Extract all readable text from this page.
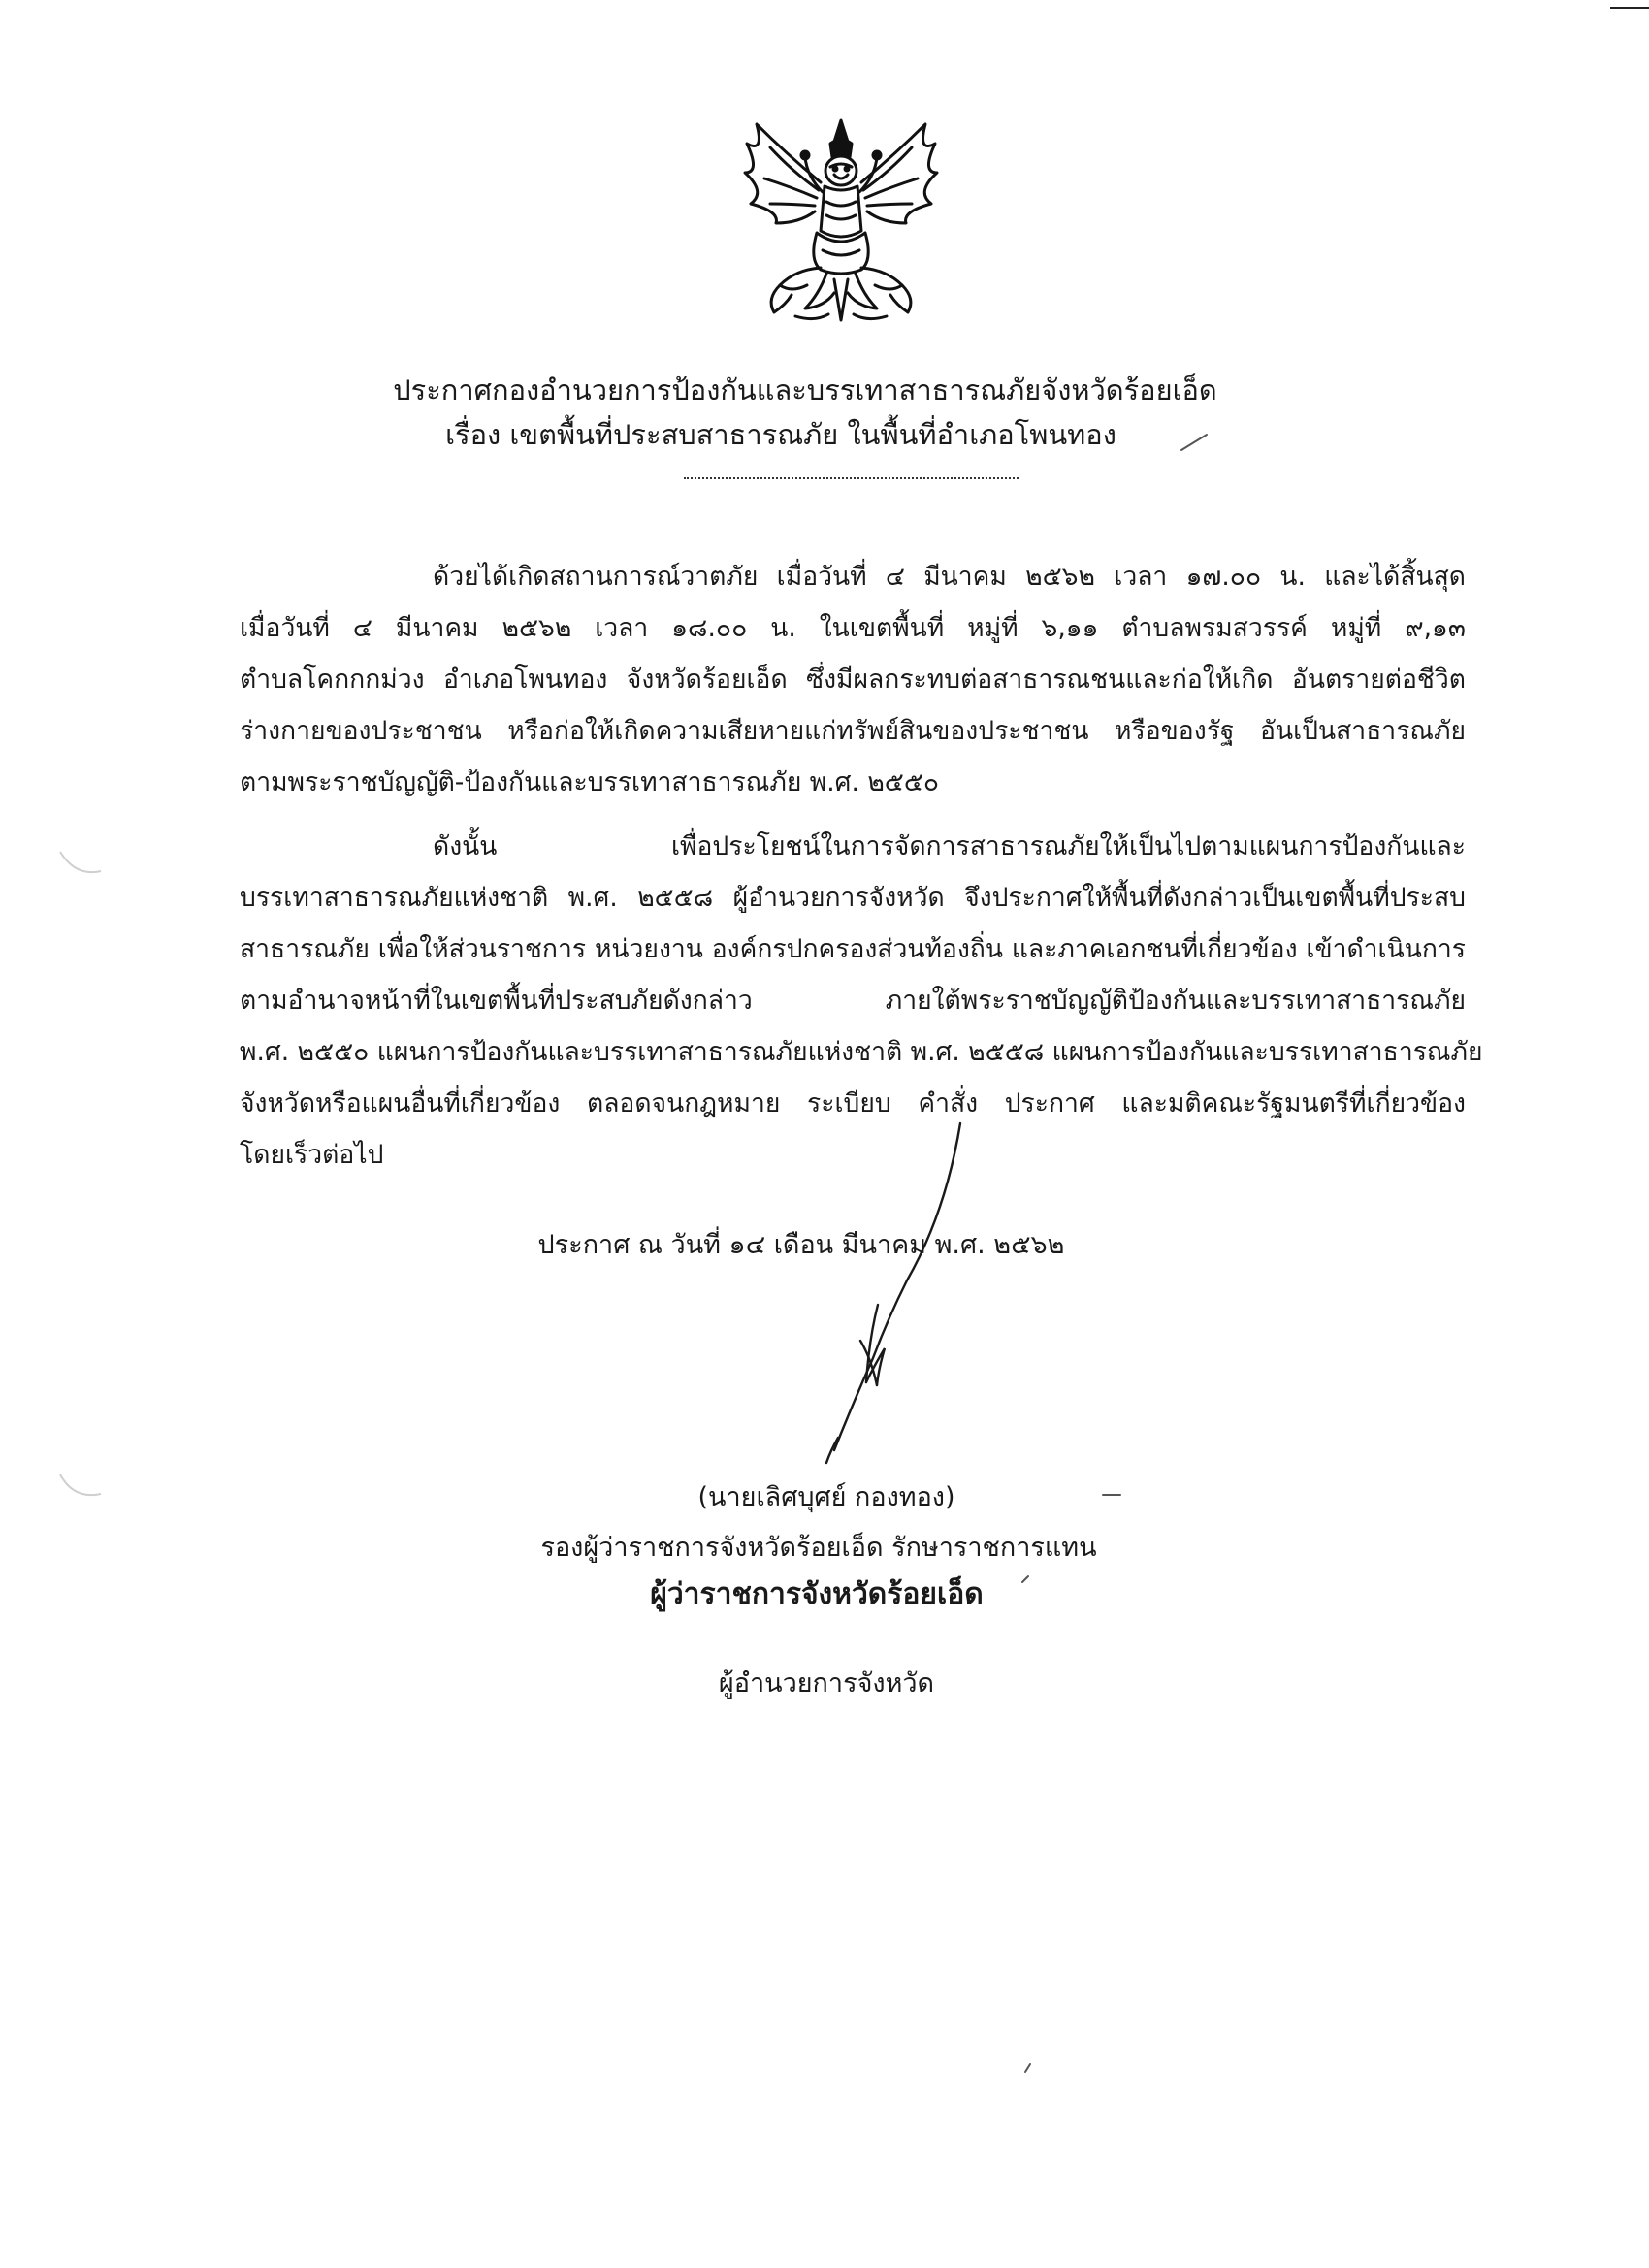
ประกาศกองอำนวยการป้องกันและบรรเทาสาธารณภัยจังหวัดร้อยเอ็ด
เรื่อง เขตพื้นที่ประสบสาธารณภัย ในพื้นที่อำเภอโพนทอง
ด้วยได้เกิดสถานการณ์วาตภัย เมื่อวันที่ ๔ มีนาคม ๒๕๖๒ เวลา ๑๗.๐๐ น. และได้สิ้นสุด
เมื่อวันที่ ๔ มีนาคม ๒๕๖๒ เวลา ๑๘.๐๐ น. ในเขตพื้นที่ หมู่ที่ ๖,๑๑ ตำบลพรมสวรรค์ หมู่ที่ ๙,๑๓
ตำบลโคกกกม่วง อำเภอโพนทอง จังหวัดร้อยเอ็ด ซึ่งมีผลกระทบต่อสาธารณชนและก่อให้เกิด อันตรายต่อชีวิต
ร่างกายของประชาชน หรือก่อให้เกิดความเสียหายแก่ทรัพย์สินของประชาชน หรือของรัฐ อันเป็นสาธารณภัย
ตามพระราชบัญญัติ-ป้องกันและบรรเทาสาธารณภัย พ.ศ. ๒๕๕๐
ดังนั้น เพื่อประโยชน์ในการจัดการสาธารณภัยให้เป็นไปตามแผนการป้องกันและ
บรรเทาสาธารณภัยแห่งชาติ พ.ศ. ๒๕๕๘ ผู้อำนวยการจังหวัด จึงประกาศให้พื้นที่ดังกล่าวเป็นเขตพื้นที่ประสบ
สาธารณภัย เพื่อให้ส่วนราชการ หน่วยงาน องค์กรปกครองส่วนท้องถิ่น และภาคเอกชนที่เกี่ยวข้อง เข้าดำเนินการ
ตามอำนาจหน้าที่ในเขตพื้นที่ประสบภัยดังกล่าว ภายใต้พระราชบัญญัติป้องกันและบรรเทาสาธารณภัย
พ.ศ. ๒๕๕๐ แผนการป้องกันและบรรเทาสาธารณภัยแห่งชาติ พ.ศ. ๒๕๕๘ แผนการป้องกันและบรรเทาสาธารณภัย
จังหวัดหรือแผนอื่นที่เกี่ยวข้อง ตลอดจนกฎหมาย ระเบียบ คำสั่ง ประกาศ และมติคณะรัฐมนตรีที่เกี่ยวข้อง
โดยเร็วต่อไป
ประกาศ ณ วันที่ ๑๔ เดือน มีนาคม พ.ศ. ๒๕๖๒
(นายเลิศบุศย์ กองทอง)
รองผู้ว่าราชการจังหวัดร้อยเอ็ด รักษาราชการแทน
ผู้ว่าราชการจังหวัดร้อยเอ็ด
ผู้อำนวยการจังหวัด
